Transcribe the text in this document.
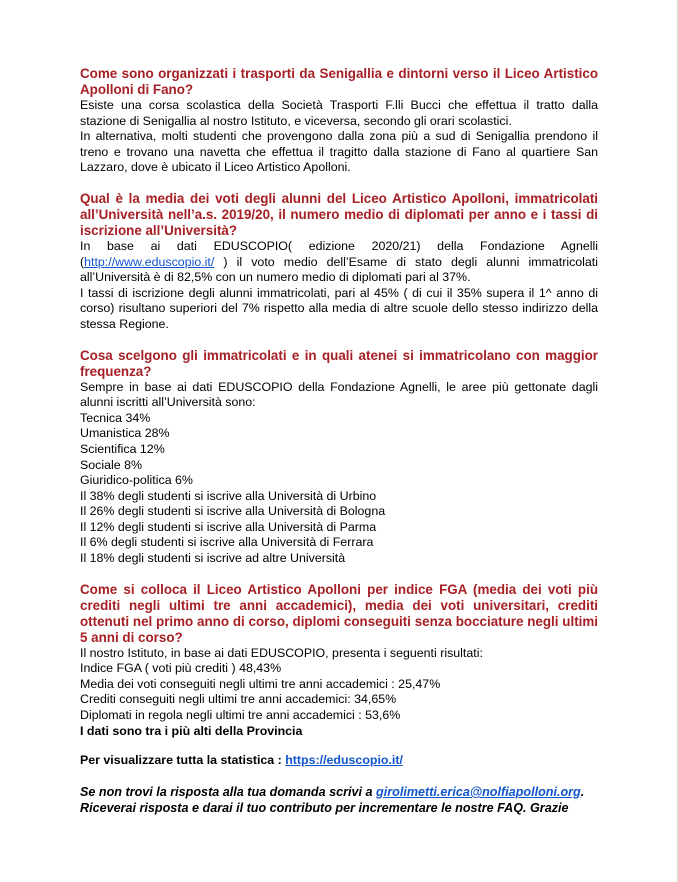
Come sono organizzati i trasporti da Senigallia e dintorni verso il Liceo Artistico Apolloni di Fano?

Esiste una corsa scolastica della Società Trasporti F.lli Bucci che effettua il tratto dalla stazione di Senigallia al nostro Istituto, e viceversa, secondo gli orari scolastici.

In alternativa, molti studenti che provengono dalla zona più a sud di Senigallia prendono il treno e trovano una navetta che effettua il tragitto dalla stazione di Fano al quartiere San Lazzaro, dove è ubicato il Liceo Artistico Apolloni.

Qual è la media dei voti degli alunni del Liceo Artistico Apolloni, immatricolati all’Università nell’a.s. 2019/20, il numero medio di diplomati per anno e i tassi di iscrizione all’Università?

In base ai dati EDUSCOPIO( edizione 2020/21) della Fondazione Agnelli (http://www.eduscopio.it/ ) il voto medio dell’Esame di stato degli alunni immatricolati all’Università è di 82,5% con un numero medio di diplomati pari al 37%.

I tassi di iscrizione degli alunni immatricolati, pari al 45% ( di cui il 35% supera il 1^ anno di corso) risultano superiori del 7% rispetto alla media di altre scuole dello stesso indirizzo della stessa Regione.

Cosa scelgono gli immatricolati e in quali atenei si immatricolano con maggior frequenza?

Sempre in base ai dati EDUSCOPIO della Fondazione Agnelli, le aree più gettonate dagli alunni iscritti all’Università sono:

Tecnica 34%
Umanistica 28%
Scientifica 12%
Sociale 8%
Giuridico-politica 6%
Il 38% degli studenti si iscrive alla Università di Urbino
Il 26% degli studenti si iscrive alla Università di Bologna
Il 12% degli studenti si iscrive alla Università di Parma
Il 6% degli studenti si iscrive alla Università di Ferrara
Il 18% degli studenti si iscrive ad altre Università

Come si colloca il Liceo Artistico Apolloni per indice FGA (media dei voti più crediti negli ultimi tre anni accademici), media dei voti universitari, crediti ottenuti nel primo anno di corso, diplomi conseguiti senza bocciature negli ultimi 5 anni di corso?

Il nostro Istituto, in base ai dati EDUSCOPIO, presenta i seguenti risultati:
Indice FGA ( voti più crediti ) 48,43%
Media dei voti conseguiti negli ultimi tre anni accademici : 25,47%
Crediti conseguiti negli ultimi tre anni accademici: 34,65%
Diplomati in regola negli ultimi tre anni accademici : 53,6%

I dati sono tra i più alti della Provincia

Per visualizzare tutta la statistica : https://eduscopio.it/

Se non trovi la risposta alla tua domanda scrivi a girolimetti.erica@nolfiapolloni.org.
Riceverai risposta e darai il tuo contributo per incrementare le nostre FAQ. Grazie
